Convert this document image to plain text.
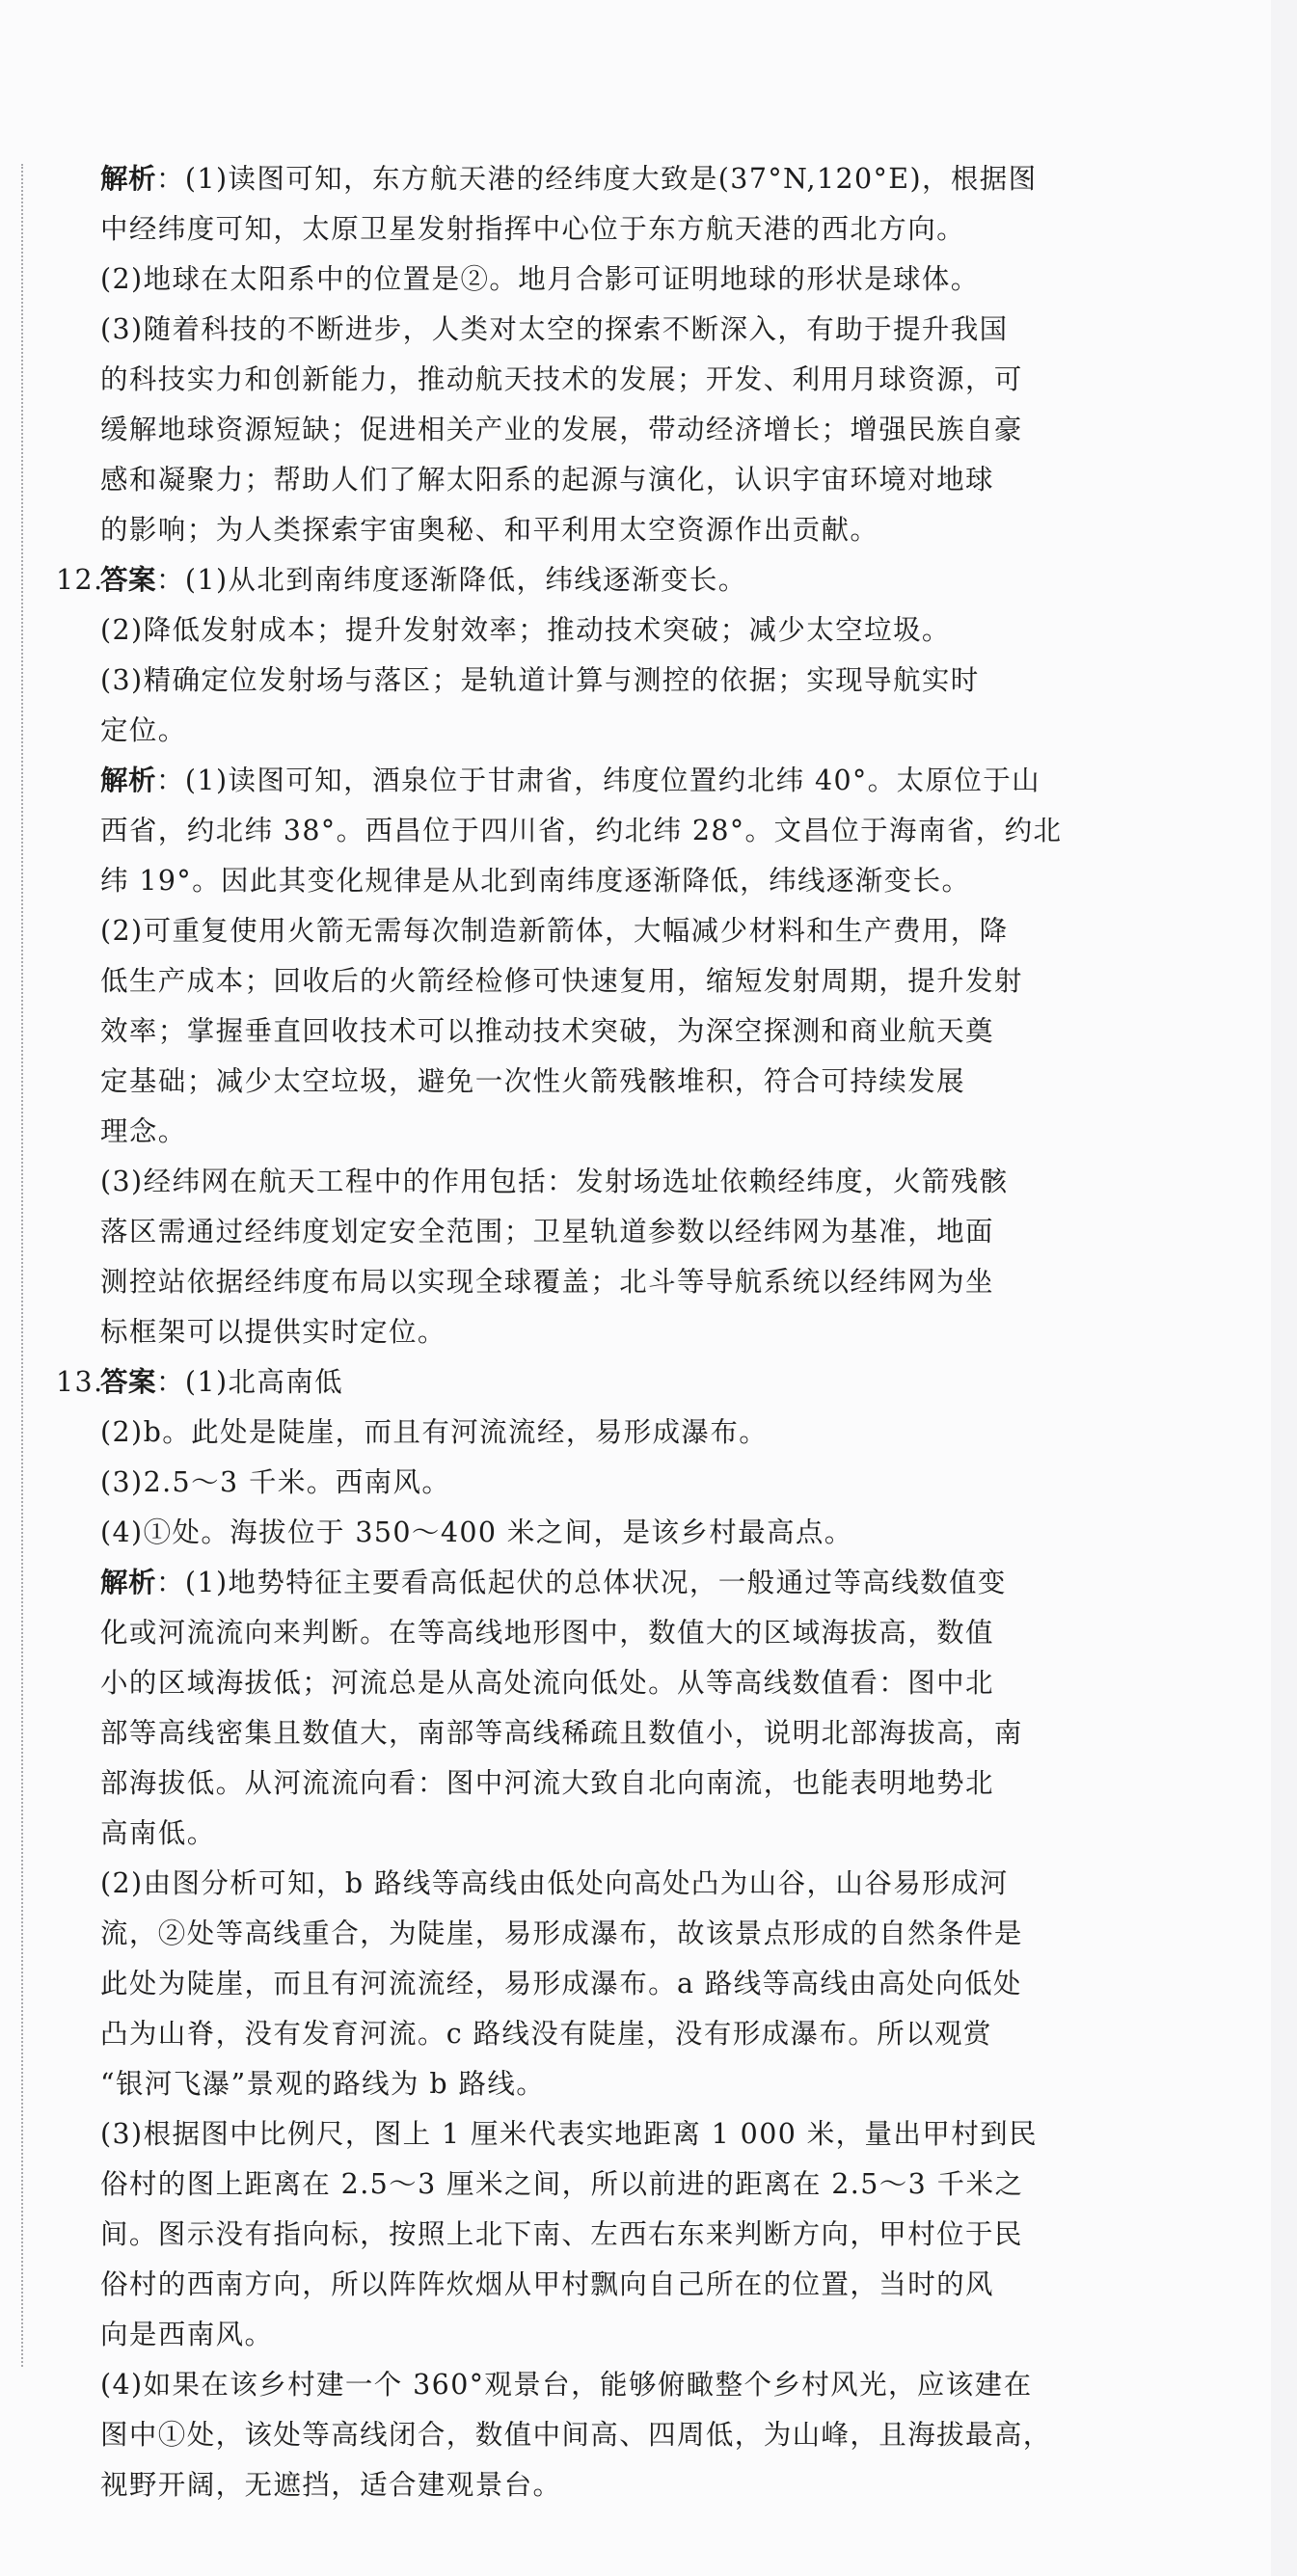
解析：(1)读图可知，东方航天港的经纬度大致是(37°N,120°E)，根据图
中经纬度可知，太原卫星发射指挥中心位于东方航天港的西北方向。
(2)地球在太阳系中的位置是②。地月合影可证明地球的形状是球体。
(3)随着科技的不断进步，人类对太空的探索不断深入，有助于提升我国
的科技实力和创新能力，推动航天技术的发展；开发、利用月球资源，可
缓解地球资源短缺；促进相关产业的发展，带动经济增长；增强民族自豪
感和凝聚力；帮助人们了解太阳系的起源与演化，认识宇宙环境对地球
的影响；为人类探索宇宙奥秘、和平利用太空资源作出贡献。
12.答案：(1)从北到南纬度逐渐降低，纬线逐渐变长。
(2)降低发射成本；提升发射效率；推动技术突破；减少太空垃圾。
(3)精确定位发射场与落区；是轨道计算与测控的依据；实现导航实时
定位。
解析：(1)读图可知，酒泉位于甘肃省，纬度位置约北纬 40°。太原位于山
西省，约北纬 38°。西昌位于四川省，约北纬 28°。文昌位于海南省，约北
纬 19°。因此其变化规律是从北到南纬度逐渐降低，纬线逐渐变长。
(2)可重复使用火箭无需每次制造新箭体，大幅减少材料和生产费用，降
低生产成本；回收后的火箭经检修可快速复用，缩短发射周期，提升发射
效率；掌握垂直回收技术可以推动技术突破，为深空探测和商业航天奠
定基础；减少太空垃圾，避免一次性火箭残骸堆积，符合可持续发展
理念。
(3)经纬网在航天工程中的作用包括：发射场选址依赖经纬度，火箭残骸
落区需通过经纬度划定安全范围；卫星轨道参数以经纬网为基准，地面
测控站依据经纬度布局以实现全球覆盖；北斗等导航系统以经纬网为坐
标框架可以提供实时定位。
13.答案：(1)北高南低
(2)b。此处是陡崖，而且有河流流经，易形成瀑布。
(3)2.5～3 千米。西南风。
(4)①处。海拔位于 350～400 米之间，是该乡村最高点。
解析：(1)地势特征主要看高低起伏的总体状况，一般通过等高线数值变
化或河流流向来判断。在等高线地形图中，数值大的区域海拔高，数值
小的区域海拔低；河流总是从高处流向低处。从等高线数值看：图中北
部等高线密集且数值大，南部等高线稀疏且数值小，说明北部海拔高，南
部海拔低。从河流流向看：图中河流大致自北向南流，也能表明地势北
高南低。
(2)由图分析可知，b 路线等高线由低处向高处凸为山谷，山谷易形成河
流，②处等高线重合，为陡崖，易形成瀑布，故该景点形成的自然条件是
此处为陡崖，而且有河流流经，易形成瀑布。a 路线等高线由高处向低处
凸为山脊，没有发育河流。c 路线没有陡崖，没有形成瀑布。所以观赏
“银河飞瀑”景观的路线为 b 路线。
(3)根据图中比例尺，图上 1 厘米代表实地距离 1 000 米，量出甲村到民
俗村的图上距离在 2.5～3 厘米之间，所以前进的距离在 2.5～3 千米之
间。图示没有指向标，按照上北下南、左西右东来判断方向，甲村位于民
俗村的西南方向，所以阵阵炊烟从甲村飘向自己所在的位置，当时的风
向是西南风。
(4)如果在该乡村建一个 360°观景台，能够俯瞰整个乡村风光，应该建在
图中①处，该处等高线闭合，数值中间高、四周低，为山峰，且海拔最高，
视野开阔，无遮挡，适合建观景台。
